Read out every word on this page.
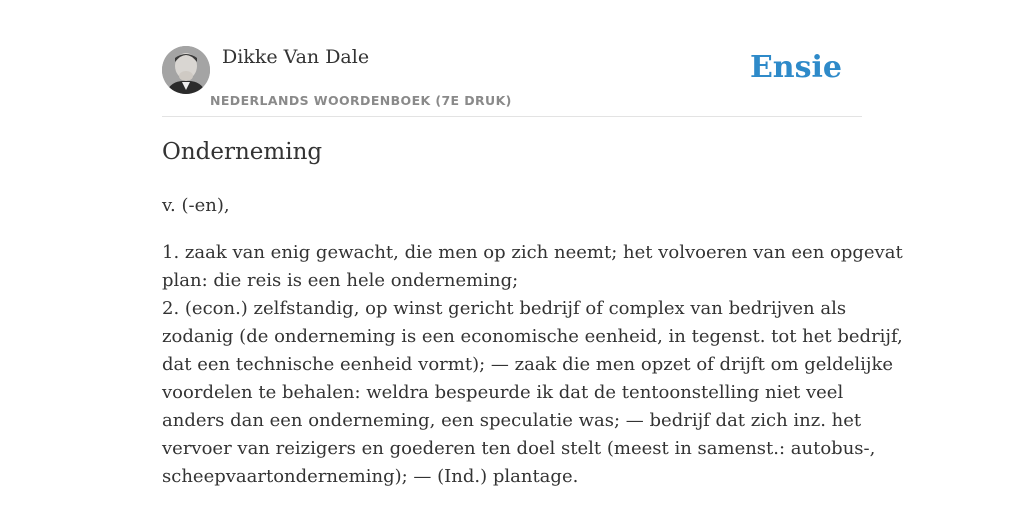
Dikke Van Dale
NEDERLANDS WOORDENBOEK (7E DRUK)
Ensie
Onderneming

v. (-en),

1. zaak van enig gewacht, die men op zich neemt; het volvoeren van een opgevat

plan: die reis is een hele onderneming;

2. (econ.) zelfstandig, op winst gericht bedrijf of complex van bedrijven als

zodanig (de onderneming is een economische eenheid, in tegenst. tot het bedrijf,

dat een technische eenheid vormt); — zaak die men opzet of drijft om geldelijke

voordelen te behalen: weldra bespeurde ik dat de tentoonstelling niet veel

anders dan een onderneming, een speculatie was; — bedrijf dat zich inz. het

vervoer van reizigers en goederen ten doel stelt (meest in samenst.: autobus-,

scheepvaartonderneming); — (Ind.) plantage.
